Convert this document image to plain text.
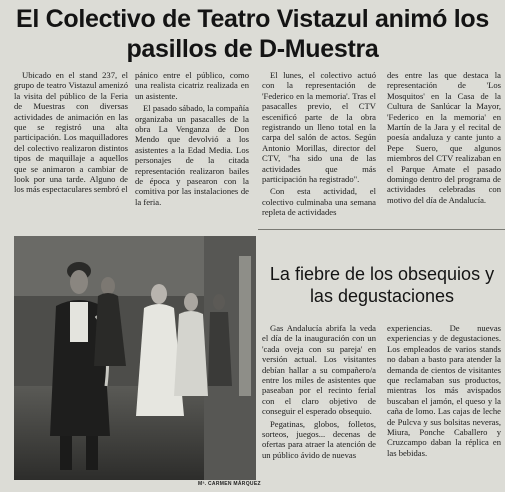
El Colectivo de Teatro Vistazul animó los pasillos de D-Muestra

Ubicado en el stand 237, el grupo de teatro Vistazul amenizó la visita del público de la Feria de Muestras con diversas actividades de animación en las que se registró una alta participación. Los maquilladores del colectivo realizaron distintos tipos de maquillaje a aquellos que se animaron a cambiar de look por una tarde. Alguno de los más espectaculares sembró el

pánico entre el público, como una realista cicatriz realizada en un asistente.

El pasado sábado, la compañía organizaba un pasacalles de la obra La Venganza de Don Mendo que devolvió a los asistentes a la Edad Media. Los personajes de la citada representación realizaron bailes de época y pasearon con la comitiva por las instalaciones de la feria.

El lunes, el colectivo actuó con la representación de 'Federico en la memoria'. Tras el pasacalles previo, el CTV escenificó parte de la obra registrando un lleno total en la carpa del salón de actos. Según Antonio Morillas, director del CTV, "ha sido una de las actividades que más participación ha registrado".

Con esta actividad, el colectivo culminaba una semana repleta de actividades

des entre las que destaca la representación de 'Los Mosquitos' en la Casa de la Cultura de Sanlúcar la Mayor, 'Federico en la memoria' en Martín de la Jara y el recital de poesía andaluza y cante junto a Pepe Suero, que algunos miembros del CTV realizaban en el Parque Amate el pasado domingo dentro del programa de actividades celebradas con motivo del día de Andalucía.

Mª. CARMEN MÁRQUEZ
La fiebre de los obsequios y las degustaciones

Gas Andalucía abrifa la veda el día de la inauguración con un 'cada oveja con su pareja' en versión actual. Los visitantes debían hallar a su compañero/a entre los miles de asistentes que paseaban por el recinto ferial con el claro objetivo de conseguir el esperado obsequio.

Pegatinas, globos, folletos, sorteos, juegos... decenas de ofertas para atraer la atención de un público ávido de nuevas

experiencias. De nuevas experiencias y de degustaciones. Los empleados de varios stands no daban a basto para atender la demanda de cientos de visitantes que reclamaban sus productos, mientras los más avispados buscaban el jamón, el queso y la caña de lomo. Las cajas de leche de Pulcva y sus bolsitas neveras, Miura, Ponche Caballero y Cruzcampo daban la réplica en las bebidas.
